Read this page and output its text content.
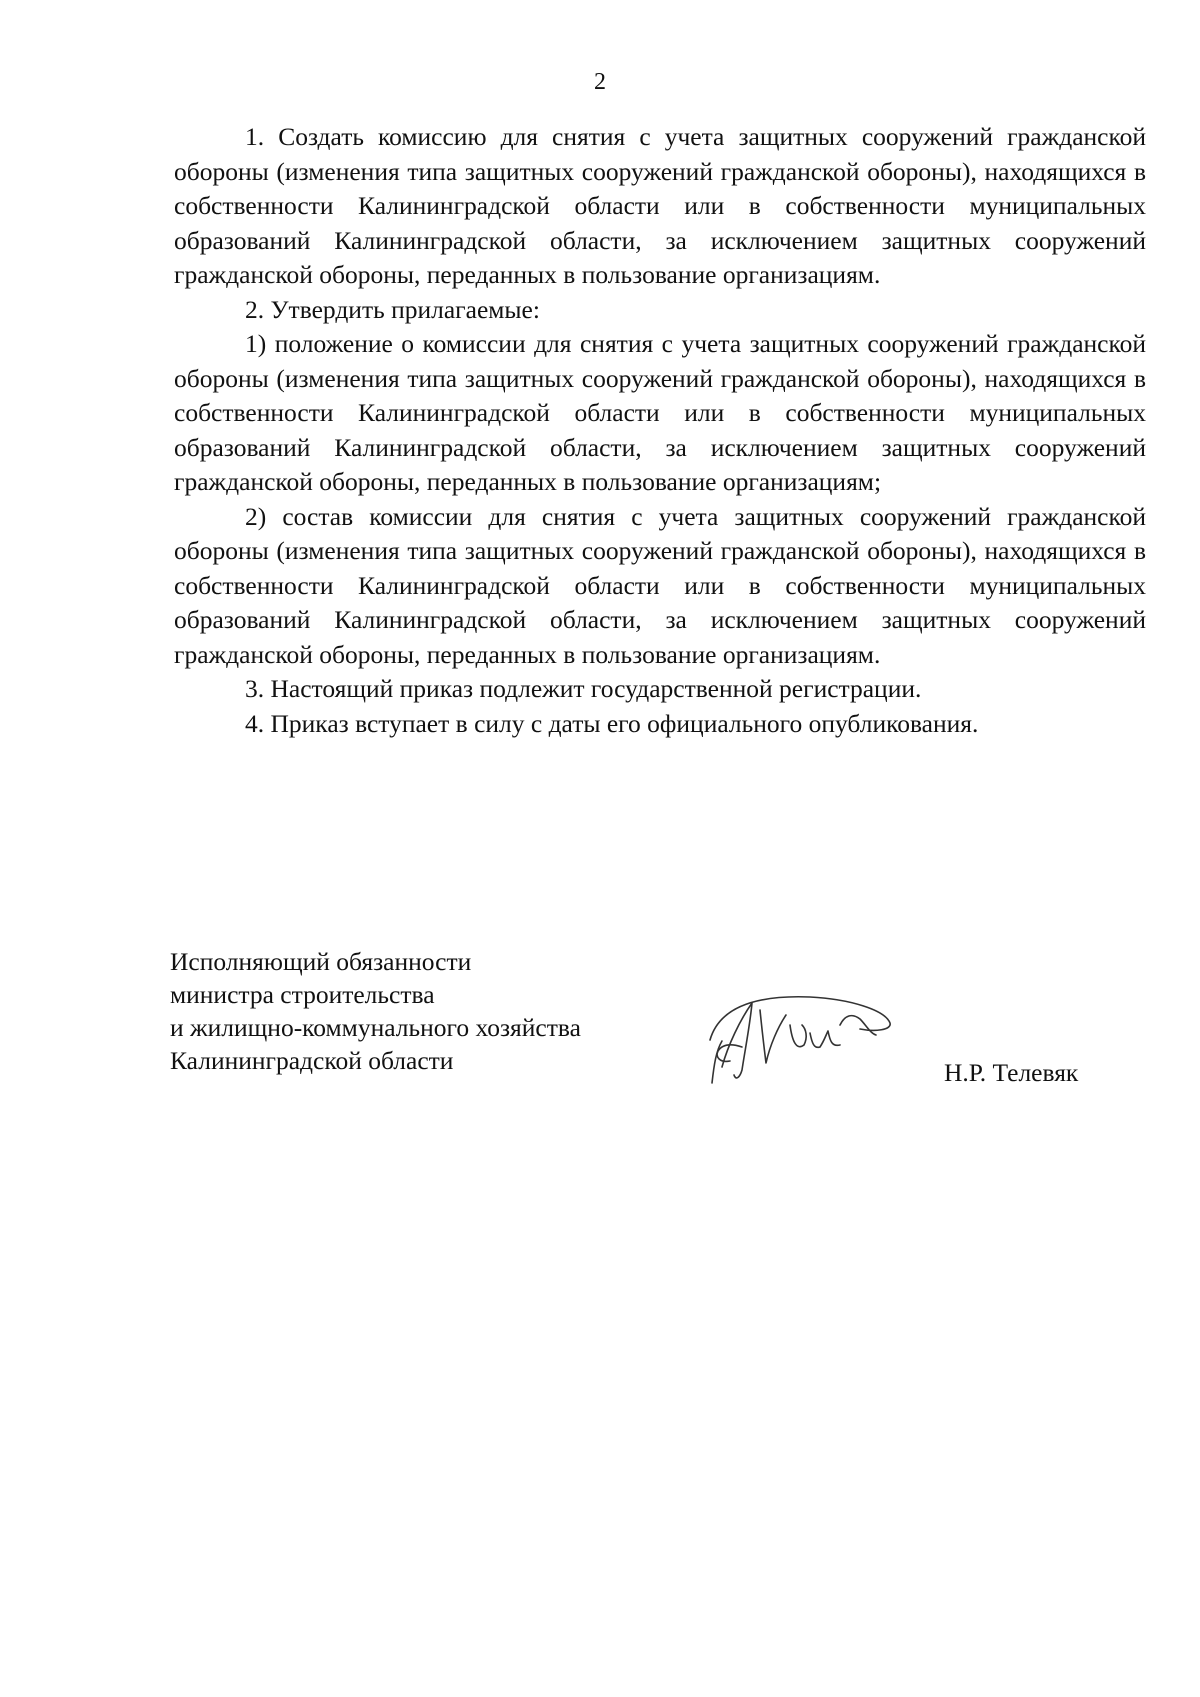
2

1. Создать комиссию для снятия с учета защитных сооружений гражданской обороны (изменения типа защитных сооружений гражданской обороны), находящихся в собственности Калининградской области или в собственности муниципальных образований Калининградской области, за исключением защитных сооружений гражданской обороны, переданных в пользование организациям.

2. Утвердить прилагаемые:

1) положение о комиссии для снятия с учета защитных сооружений гражданской обороны (изменения типа защитных сооружений гражданской обороны), находящихся в собственности Калининградской области или в собственности муниципальных образований Калининградской области, за исключением защитных сооружений гражданской обороны, переданных в пользование организациям;

2) состав комиссии для снятия с учета защитных сооружений гражданской обороны (изменения типа защитных сооружений гражданской обороны), находящихся в собственности Калининградской области или в собственности муниципальных образований Калининградской области, за исключением защитных сооружений гражданской обороны, переданных в пользование организациям.

3. Настоящий приказ подлежит государственной регистрации.

4. Приказ вступает в силу с даты его официального опубликования.

Исполняющий обязанности
министра строительства
и жилищно-коммунального хозяйства
Калининградской области	Н.Р. Телевяк
